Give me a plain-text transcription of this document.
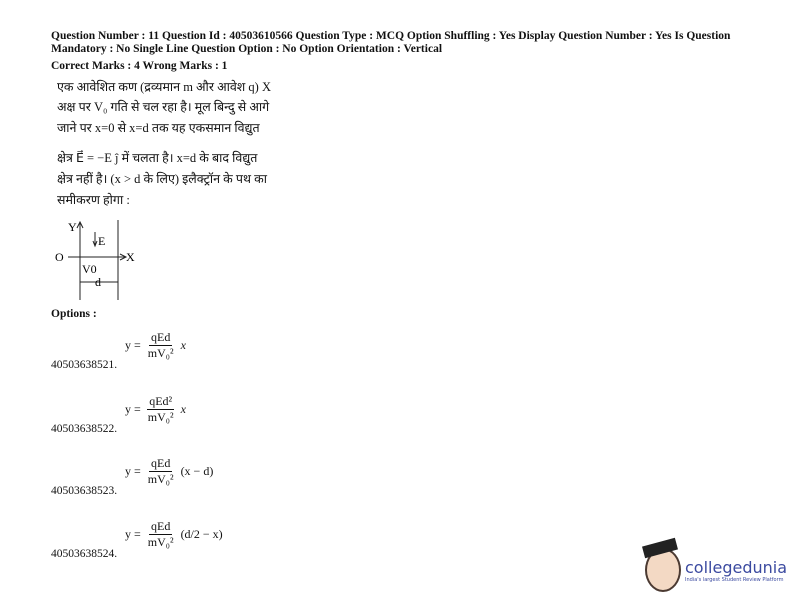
Question Number : 11 Question Id : 40503610566 Question Type : MCQ Option Shuffling : Yes Display Question Number : Yes Is Question Mandatory : No Single Line Question Option : No Option Orientation : Vertical
Correct Marks : 4 Wrong Marks : 1
एक आवेशित कण (द्रव्यमान m और आवेश q) X
अक्ष पर V₀ गति से चल रहा है। मूल बिन्दु से आगे
जाने पर x=0 से x=d तक यह एकसमान विद्युत
क्षेत्र E⃗ = −E ĵ में चलता है। x=d के बाद विद्युत
क्षेत्र नहीं है। (x > d के लिए) इलैक्ट्रॉन के पथ का
समीकरण होगा :
Y
X
O
E
V0
d
Options :
$y = \frac{\text{qEd}}{\text{mV₀²}}$ x
40503638521.
$y = \frac{\text{qEd²}}{\text{mV₀²}}$ x
40503638522.
$y = \frac{\text{qEd}}{\text{mV₀²}} (x - d)$
40503638523.
$y = \frac{\text{qEd}}{\text{mV₀²}} (d/2 - x)$
40503638524.
collegedunia
India's largest Student Review Platform
